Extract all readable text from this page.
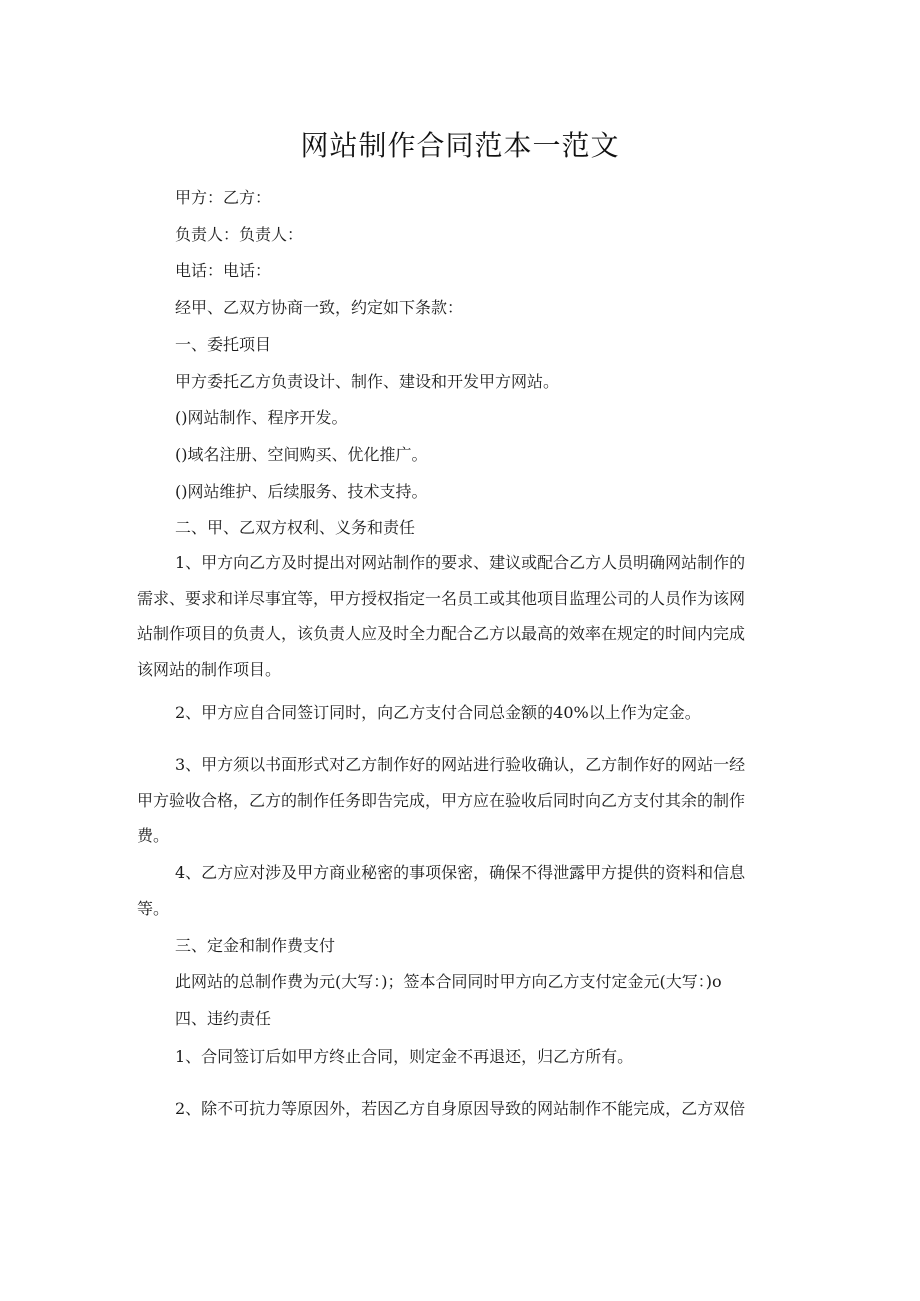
网站制作合同范本一范文
甲方：乙方：
负责人：负责人：
电话：电话：
经甲、乙双方协商一致，约定如下条款：
一、委托项目
甲方委托乙方负责设计、制作、建设和开发甲方网站。
()网站制作、程序开发。
()域名注册、空间购买、优化推广。
()网站维护、后续服务、技术支持。
二、甲、乙双方权利、义务和责任
1、甲方向乙方及时提出对网站制作的要求、建议或配合乙方人员明确网站制作的
需求、要求和详尽事宜等，甲方授权指定一名员工或其他项目监理公司的人员作为该网
站制作项目的负责人，该负责人应及时全力配合乙方以最高的效率在规定的时间内完成
该网站的制作项目。
2、甲方应自合同签订同时，向乙方支付合同总金额的40%以上作为定金。
3、甲方须以书面形式对乙方制作好的网站进行验收确认，乙方制作好的网站一经
甲方验收合格，乙方的制作任务即告完成，甲方应在验收后同时向乙方支付其余的制作
费。
4、乙方应对涉及甲方商业秘密的事项保密，确保不得泄露甲方提供的资料和信息
等。
三、定金和制作费支付
此网站的总制作费为元(大写：)；签本合同同时甲方向乙方支付定金元(大写：)o
四、违约责任
1、合同签订后如甲方终止合同，则定金不再退还，归乙方所有。
2、除不可抗力等原因外，若因乙方自身原因导致的网站制作不能完成，乙方双倍
